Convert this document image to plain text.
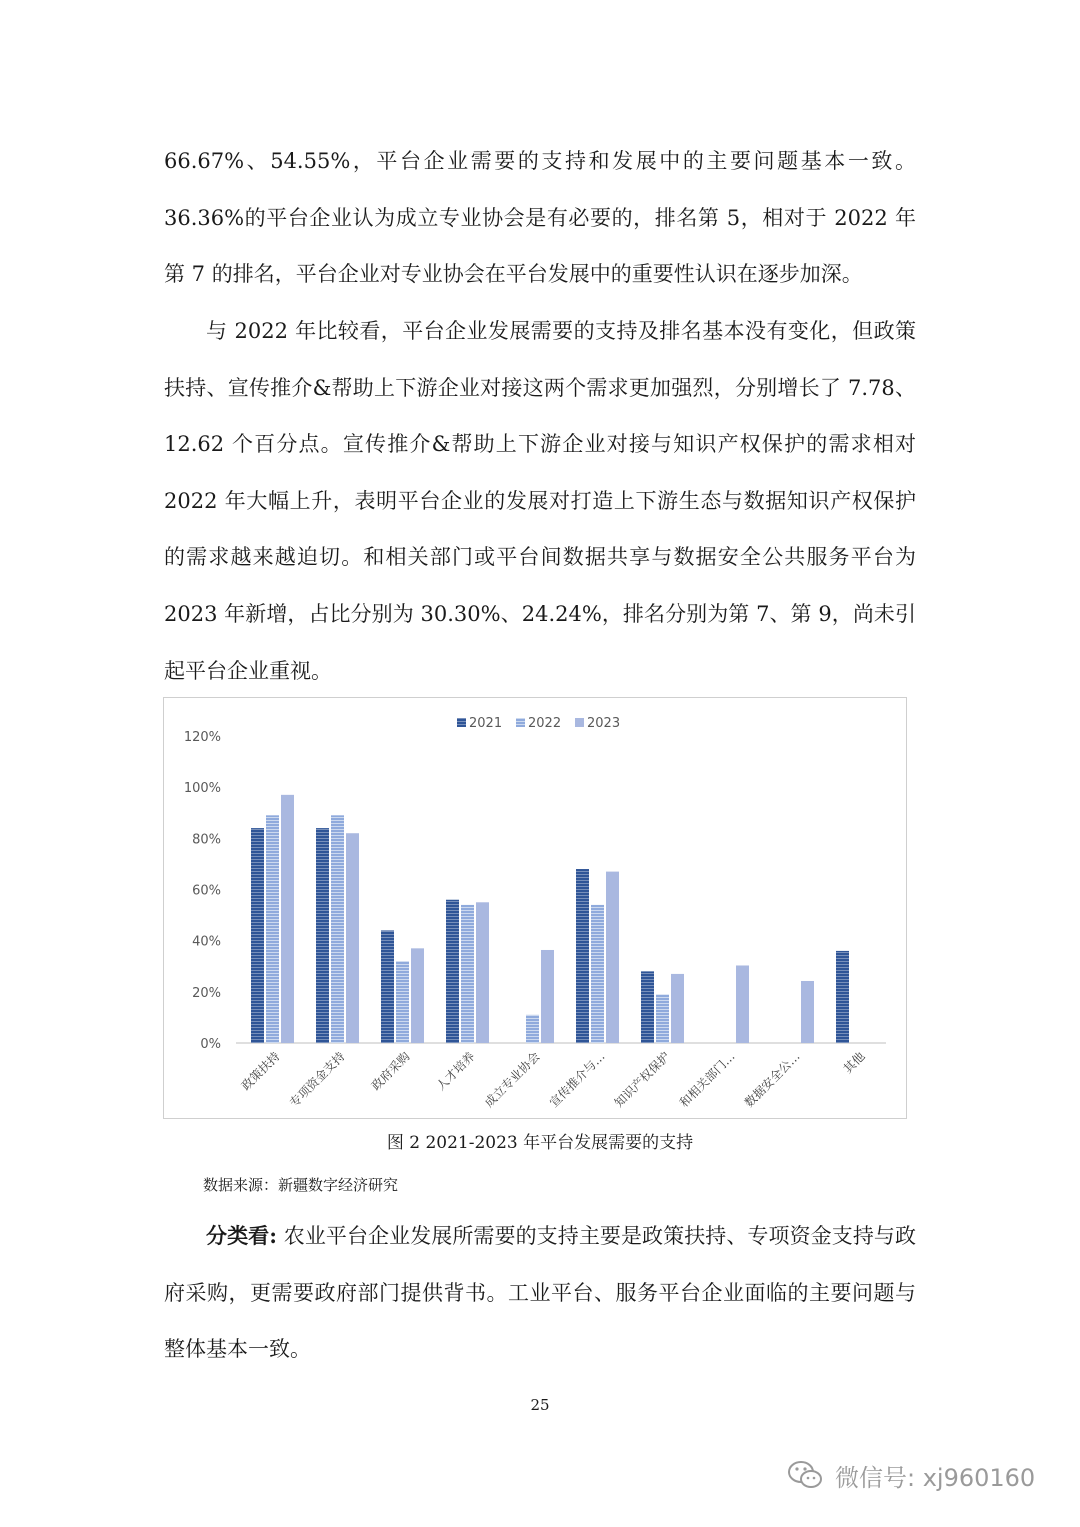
66.67%、54.55%，平台企业需要的支持和发展中的主要问题基本一致。36.36%的平台企业认为成立专业协会是有必要的，排名第 5，相对于 2022 年第 7 的排名，平台企业对专业协会在平台发展中的重要性认识在逐步加深。

与 2022 年比较看，平台企业发展需要的支持及排名基本没有变化，但政策扶持、宣传推介&帮助上下游企业对接这两个需求更加强烈，分别增长了 7.78、12.62 个百分点。宣传推介&帮助上下游企业对接与知识产权保护的需求相对 2022 年大幅上升，表明平台企业的发展对打造上下游生态与数据知识产权保护的需求越来越迫切。和相关部门或平台间数据共享与数据安全公共服务平台为 2023 年新增，占比分别为 30.30%、24.24%，排名分别为第 7、第 9，尚未引起平台企业重视。

0%
20%
40%
60%
80%
100%
120%
政策扶持 专项资金支持 政府采购 人才培养 成立专业协会 宣传推介与… 知识产权保护 和相关部门… 数据安全公…	其他
2021 2022 2023

图 2 2021-2023 年平台发展需要的支持

数据来源：新疆数字经济研究

分类看: 农业平台企业发展所需要的支持主要是政策扶持、专项资金支持与政府采购，更需要政府部门提供背书。工业平台、服务平台企业面临的主要问题与整体基本一致。

25

微信号: xj960160
